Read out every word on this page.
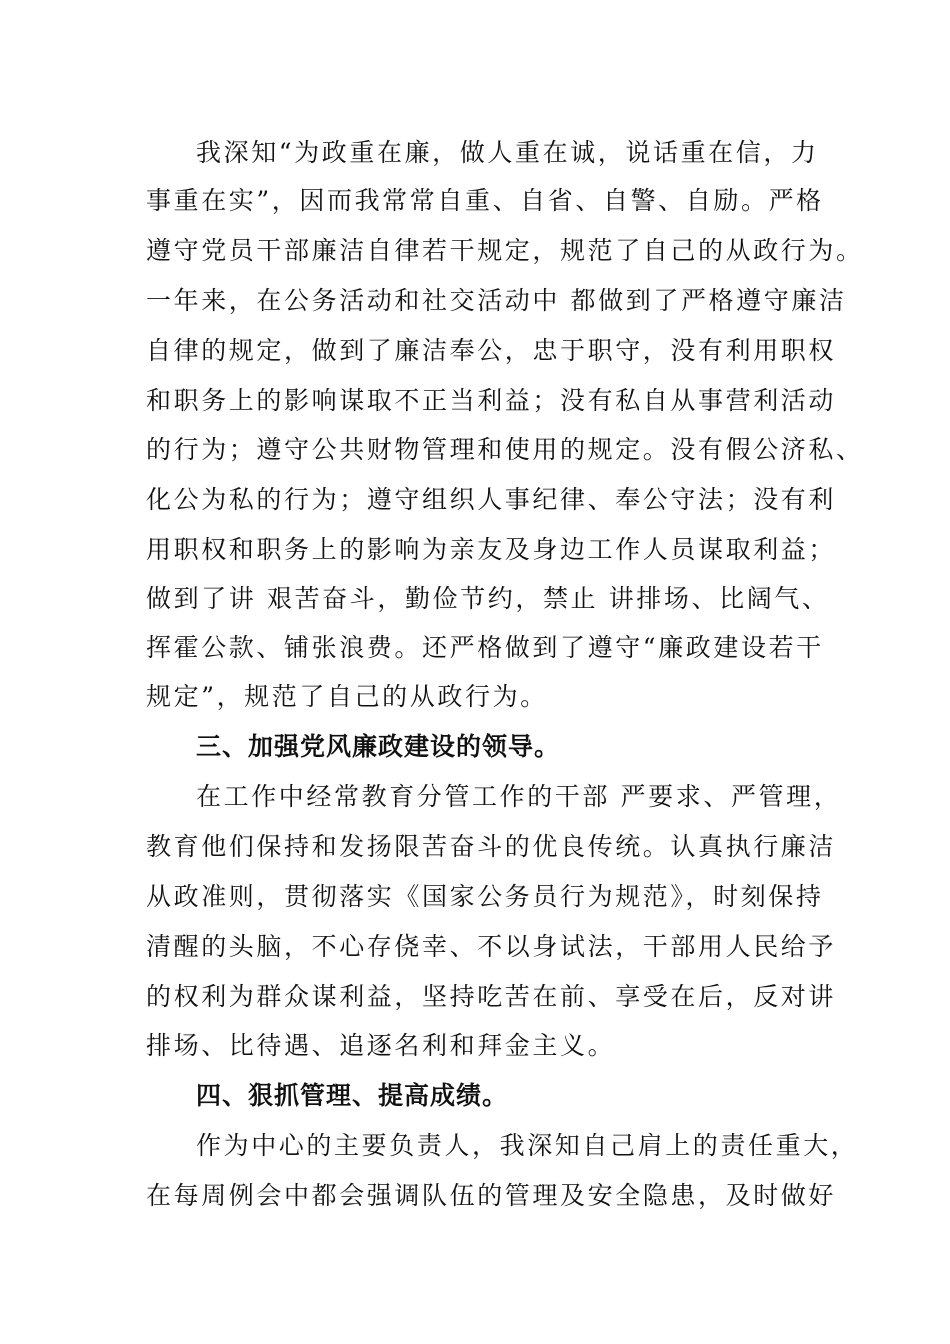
我深知“为政重在廉，做人重在诚，说话重在信，力
事重在实”，因而我常常自重、自省、自警、自励。严格
遵守党员干部廉洁自律若干规定，规范了自己的从政行为。
一年来，在公务活动和社交活动中 都做到了严格遵守廉洁
自律的规定，做到了廉洁奉公，忠于职守，没有利用职权
和职务上的影响谋取不正当利益；没有私自从事营利活动
的行为；遵守公共财物管理和使用的规定。没有假公济私、
化公为私的行为；遵守组织人事纪律、奉公守法；没有利
用职权和职务上的影响为亲友及身边工作人员谋取利益；
做到了讲 艰苦奋斗，勤俭节约，禁止 讲排场、比阔气、
挥霍公款、铺张浪费。还严格做到了遵守“廉政建设若干
规定”，规范了自己的从政行为。
三、加强党风廉政建设的领导。
在工作中经常教育分管工作的干部 严要求、严管理，
教育他们保持和发扬限苦奋斗的优良传统。认真执行廉洁
从政准则，贯彻落实《国家公务员行为规范》，时刻保持
清醒的头脑，不心存侥幸、不以身试法，干部用人民给予
的权利为群众谋利益，坚持吃苦在前、享受在后，反对讲
排场、比待遇、追逐名利和拜金主义。
四、狠抓管理、提高成绩。
作为中心的主要负责人，我深知自己肩上的责任重大，
在每周例会中都会强调队伍的管理及安全隐患，及时做好
